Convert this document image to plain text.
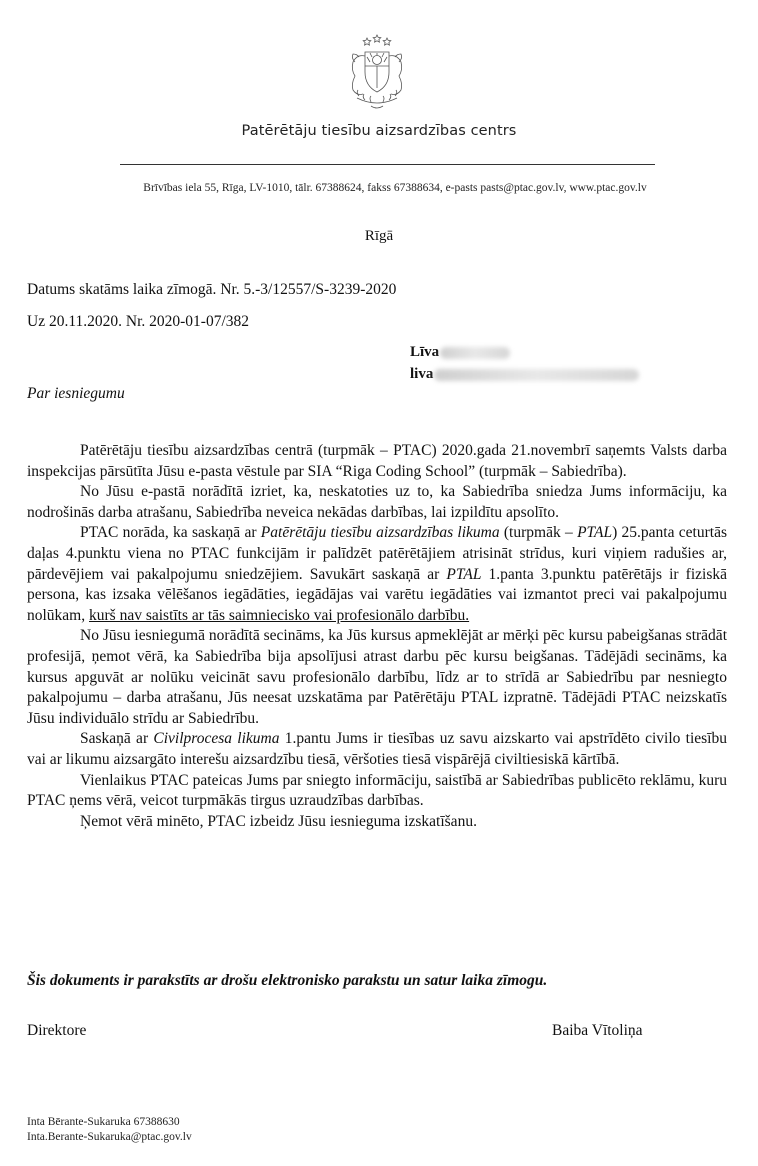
Patērētāju tiesību aizsardzības centrs
Brīvības iela 55, Rīga, LV-1010, tālr. 67388624, fakss 67388634, e-pasts pasts@ptac.gov.lv, www.ptac.gov.lv
Rīgā
Datums skatāms laika zīmogā. Nr. 5.-3/12557/S-3239-2020
Uz 20.11.2020. Nr. 2020-01-07/382
Līva
liva
Par iesniegumu

Patērētāju tiesību aizsardzības centrā (turpmāk – PTAC) 2020.gada 21.novembrī saņemts Valsts darba inspekcijas pārsūtīta Jūsu e-pasta vēstule par SIA “Riga Coding School” (turpmāk – Sabiedrība).

No Jūsu e-pastā norādītā izriet, ka, neskatoties uz to, ka Sabiedrība sniedza Jums informāciju, ka nodrošinās darba atrašanu, Sabiedrība neveica nekādas darbības, lai izpildītu apsolīto.

PTAC norāda, ka saskaņā ar Patērētāju tiesību aizsardzības likuma (turpmāk – PTAL) 25.panta ceturtās daļas 4.punktu viena no PTAC funkcijām ir palīdzēt patērētājiem atrisināt strīdus, kuri viņiem radušies ar, pārdevējiem vai pakalpojumu sniedzējiem. Savukārt saskaņā ar PTAL 1.panta 3.punktu patērētājs ir fiziskā persona, kas izsaka vēlēšanos iegādāties, iegādājas vai varētu iegādāties vai izmantot preci vai pakalpojumu nolūkam, kurš nav saistīts ar tās saimniecisko vai profesionālo darbību.

No Jūsu iesniegumā norādītā secināms, ka Jūs kursus apmeklējāt ar mērķi pēc kursu pabeigšanas strādāt profesijā, ņemot vērā, ka Sabiedrība bija apsolījusi atrast darbu pēc kursu beigšanas. Tādējādi secināms, ka kursus apguvāt ar nolūku veicināt savu profesionālo darbību, līdz ar to strīdā ar Sabiedrību par nesniegto pakalpojumu – darba atrašanu, Jūs neesat uzskatāma par Patērētāju PTAL izpratnē. Tādējādi PTAC neizskatīs Jūsu individuālo strīdu ar Sabiedrību.

Saskaņā ar Civilprocesa likuma 1.pantu Jums ir tiesības uz savu aizskarto vai apstrīdēto civilo tiesību vai ar likumu aizsargāto interešu aizsardzību tiesā, vēršoties tiesā vispārējā civiltiesiskā kārtībā.

Vienlaikus PTAC pateicas Jums par sniegto informāciju, saistībā ar Sabiedrības publicēto reklāmu, kuru PTAC ņems vērā, veicot turpmākās tirgus uzraudzības darbības.

Ņemot vērā minēto, PTAC izbeidz Jūsu iesnieguma izskatīšanu.

Šis dokuments ir parakstīts ar drošu elektronisko parakstu un satur laika zīmogu.
Direktore	Baiba Vītoliņa
Inta Bērante-Sukaruka 67388630
Inta.Berante-Sukaruka@ptac.gov.lv
